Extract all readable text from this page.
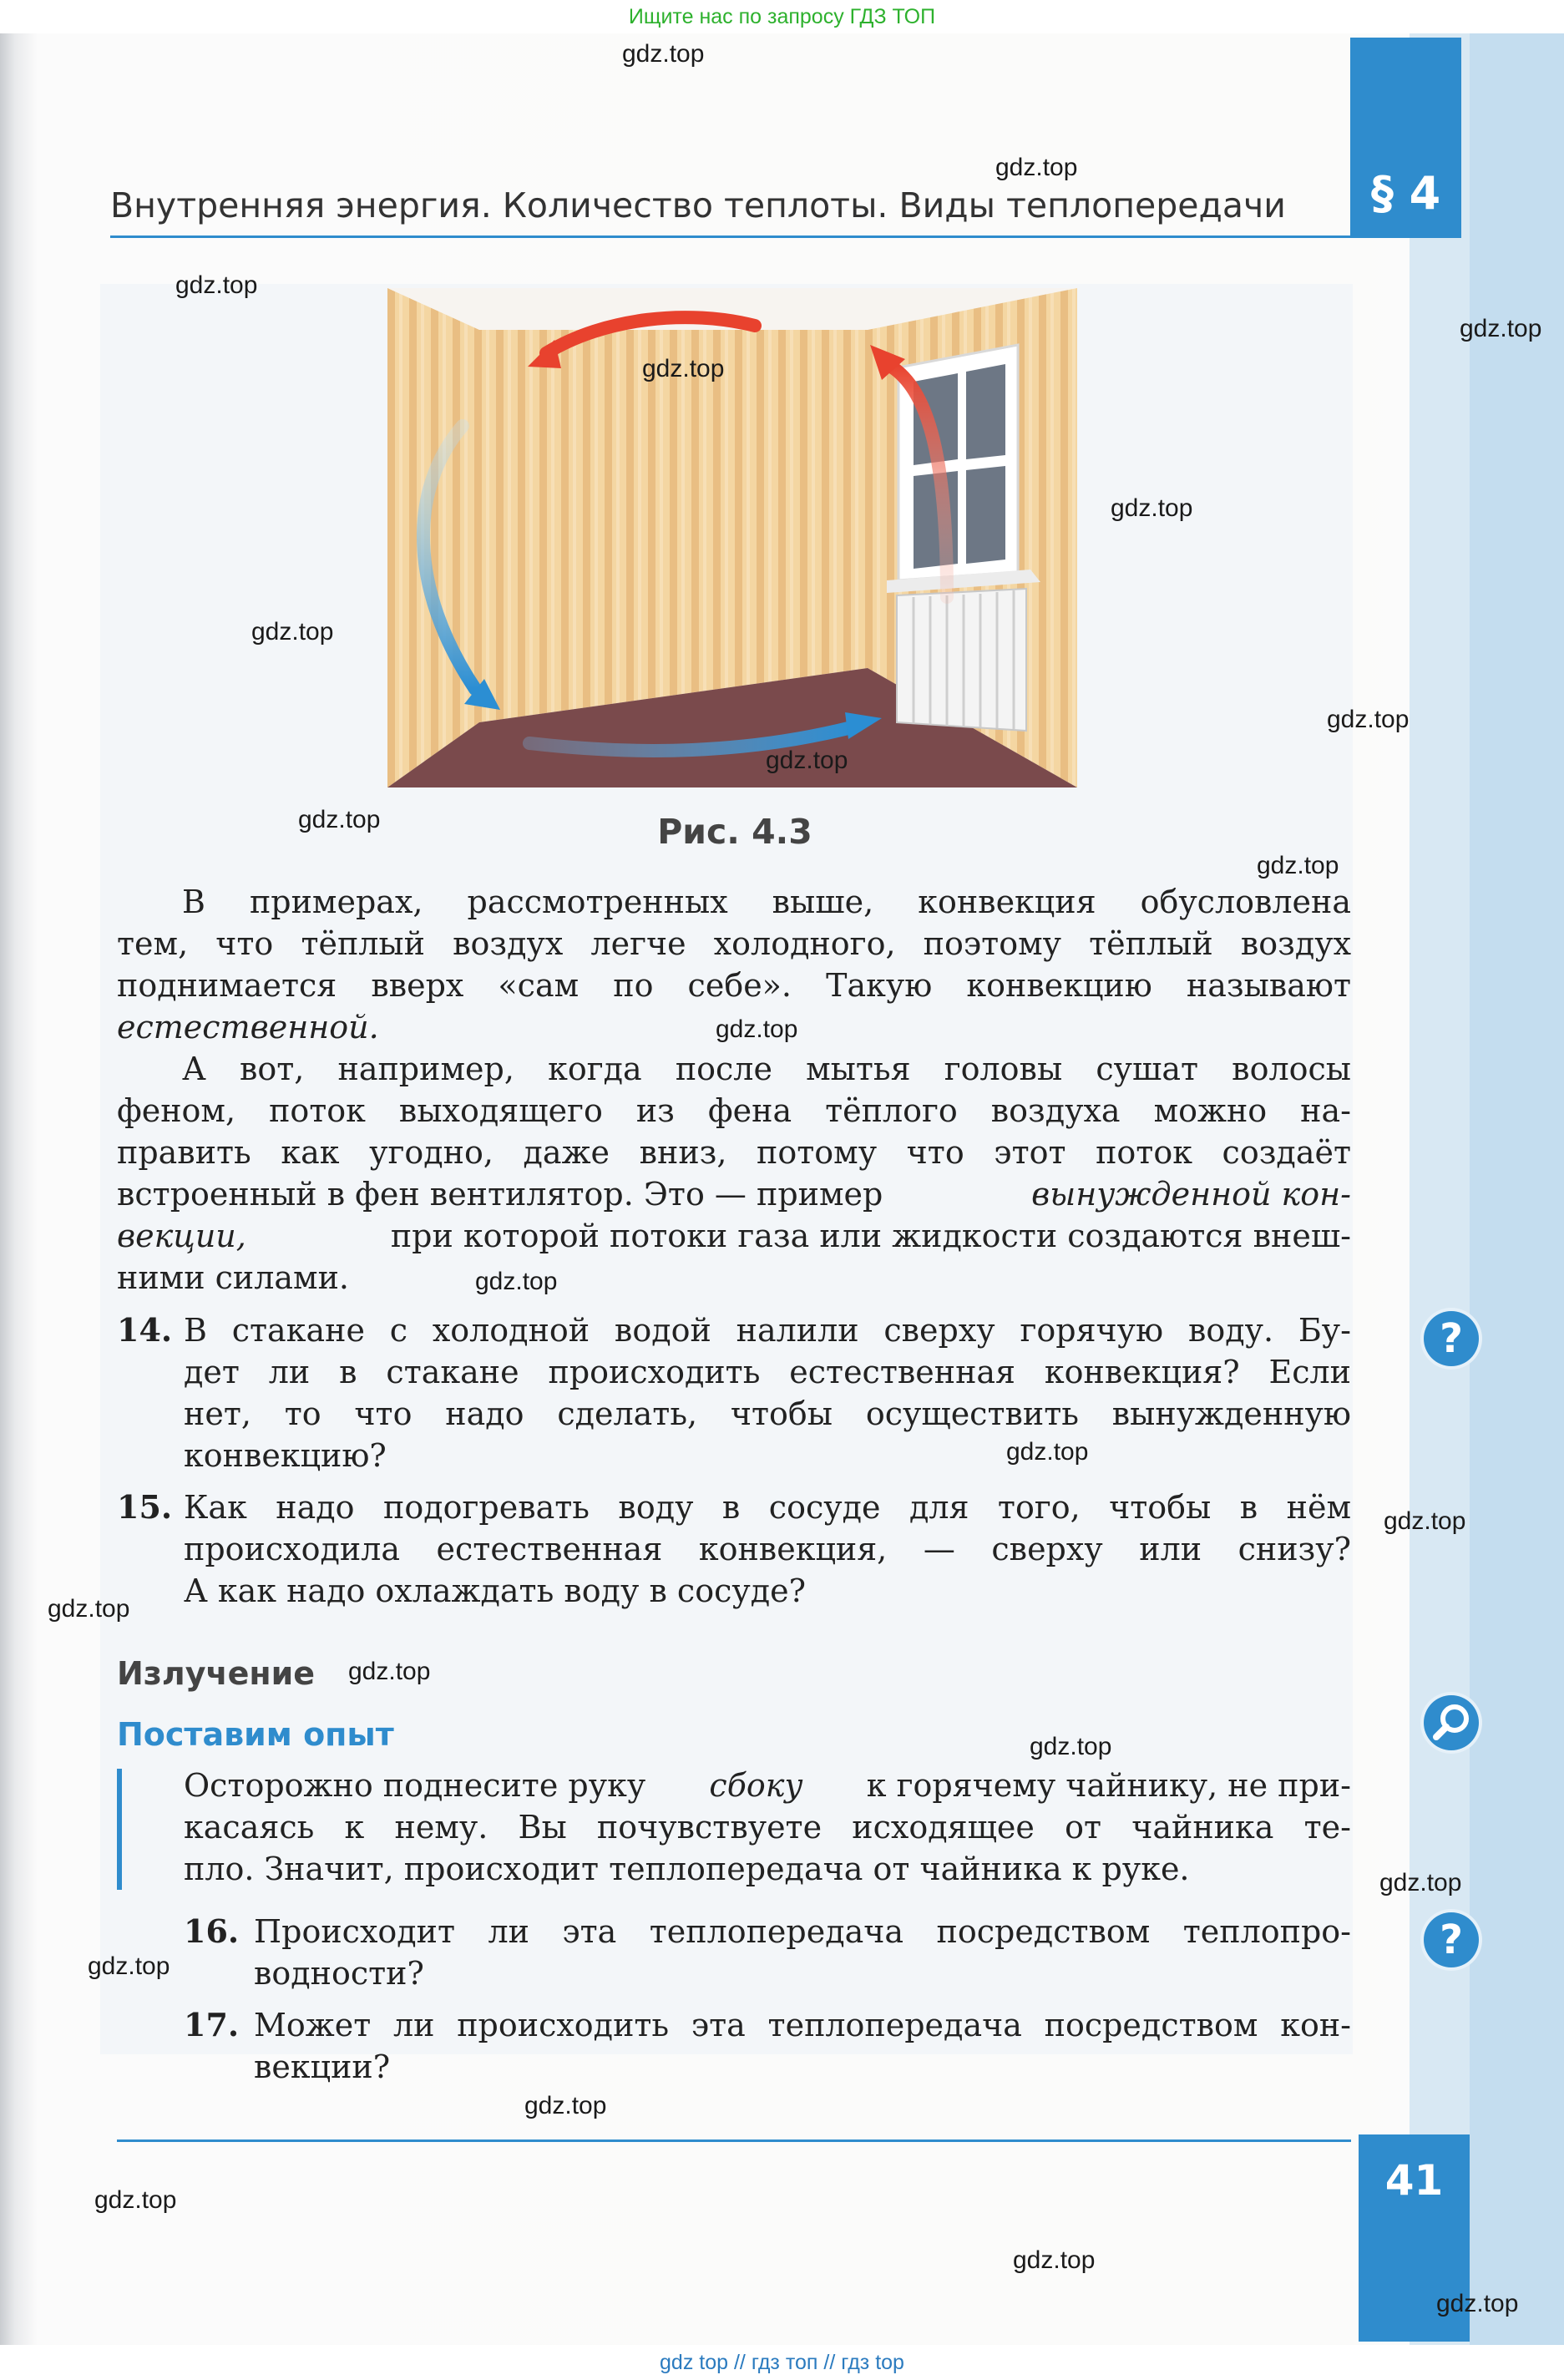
Ищите нас по запросу ГДЗ ТОП
§ 4
Внутренняя энергия. Количество теплоты. Виды теплопередачи
Рис. 4.3
В примерах, рассмотренных выше, конвекция обусловлена
тем, что тёплый воздух легче холодного, поэтому тёплый воздух
поднимается вверх «сам по себе». Такую конвекцию называют
естественной.
А вот, например, когда после мытья головы сушат волосы
феном, поток выходящего из фена тёплого воздуха можно на-
править как угодно, даже вниз, потому что этот поток создаёт
встроенный в фен вентилятор. Это — пример	вынужденной кон-
векции,	при которой потоки газа или жидкости создаются внеш-
ними силами.
14. В стакане с холодной водой налили сверху горячую воду. Бу-
дет ли в стакане происходить естественная конвекция? Если
нет, то что надо сделать, чтобы осуществить вынужденную
конвекцию?
15. Как надо подогревать воду в сосуде для того, чтобы в нём
происходила естественная конвекция, — сверху или снизу?
А как надо охлаждать воду в сосуде?
Излучение
Поставим опыт
Осторожно поднесите руку сбоку к горячему чайнику, не при-
касаясь к нему. Вы почувствуете исходящее от чайника те-
пло. Значит, происходит теплопередача от чайника к руке.
16. Происходит ли эта теплопередача посредством теплопро-
водности?
17. Может ли происходить эта теплопередача посредством кон-
векции?
?
?
41
gdz.top
gdz.top
gdz.top
gdz.top
gdz.top
gdz.top
gdz.top
gdz.top
gdz.top
gdz.top
gdz.top
gdz.top
gdz.top
gdz.top
gdz.top
gdz.top
gdz.top
gdz.top
gdz.top
gdz.top
gdz.top
gdz.top
gdz.top
gdz.top
gdz top // гдз топ // гдз top
